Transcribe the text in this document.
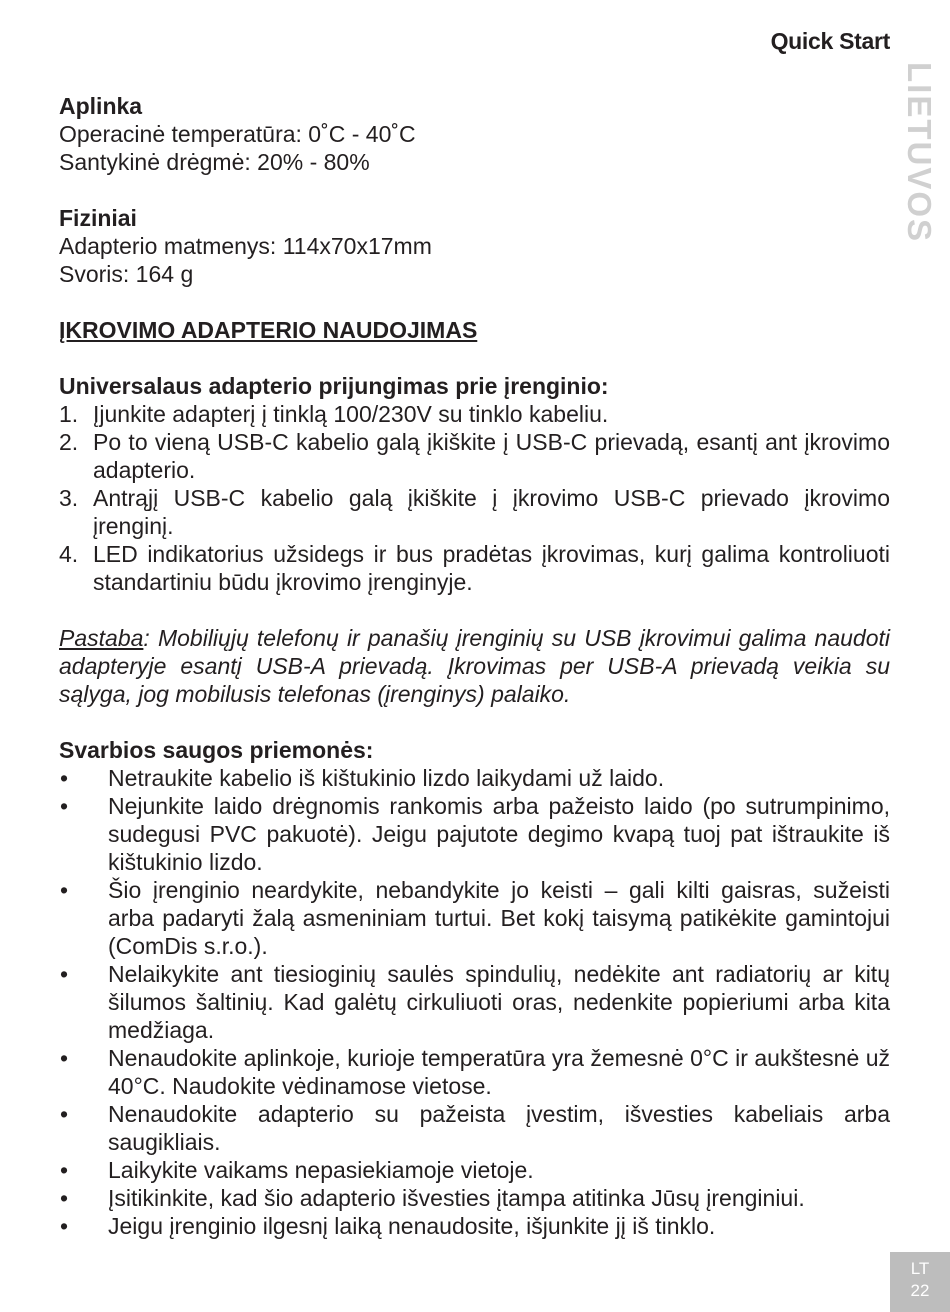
Quick Start
LIETUVOS

Aplinka

Operacinė temperatūra: 0˚C - 40˚C

Santykinė drėgmė: 20% - 80%

Fiziniai

Adapterio matmenys: 114x70x17mm

Svoris: 164 g

ĮKROVIMO ADAPTERIO NAUDOJIMAS

Universalaus adapterio prijungimas prie įrenginio:

1. Įjunkite adapterį į tinklą 100/230V su tinklo kabeliu.
2. Po to vieną USB-C kabelio galą įkiškite į USB-C prievadą, esantį ant įkrovimo adapterio.
3. Antrąjį USB-C kabelio galą įkiškite į įkrovimo USB-C prievado įkrovimo įrenginį.
4. LED indikatorius užsidegs ir bus pradėtas įkrovimas, kurį galima kontroliuoti standartiniu būdu įkrovimo įrenginyje.

Pastaba: Mobiliųjų telefonų ir panašių įrenginių su USB įkrovimui galima naudoti adapteryje esantį USB-A prievadą. Įkrovimas per USB-A prievadą veikia su sąlyga, jog mobilusis telefonas (įrenginys) palaiko.

Svarbios saugos priemonės:

•	Netraukite kabelio iš kištukinio lizdo laikydami už laido.
•	Nejunkite laido drėgnomis rankomis arba pažeisto laido (po sutrumpinimo, sudegusi PVC pakuotė). Jeigu pajutote degimo kvapą tuoj pat ištraukite iš kištukinio lizdo.
•	Šio įrenginio neardykite, nebandykite jo keisti – gali kilti gaisras, sužeisti arba padaryti žalą asmeniniam turtui. Bet kokį taisymą patikėkite gamintojui (ComDis s.r.o.).
•	Nelaikykite ant tiesioginių saulės spindulių, nedėkite ant radiatorių ar kitų šilumos šaltinių. Kad galėtų cirkuliuoti oras, nedenkite popieriumi arba kita medžiaga.
•	Nenaudokite aplinkoje, kurioje temperatūra yra žemesnė 0°C ir aukštesnė už 40°C. Naudokite vėdinamose vietose.
•	Nenaudokite adapterio su pažeista įvestim, išvesties kabeliais arba saugikliais.
•	Laikykite vaikams nepasiekiamoje vietoje.
•	Įsitikinkite, kad šio adapterio išvesties įtampa atitinka Jūsų įrenginiui.
•	Jeigu įrenginio ilgesnį laiką nenaudosite, išjunkite jį iš tinklo.
LT
22
